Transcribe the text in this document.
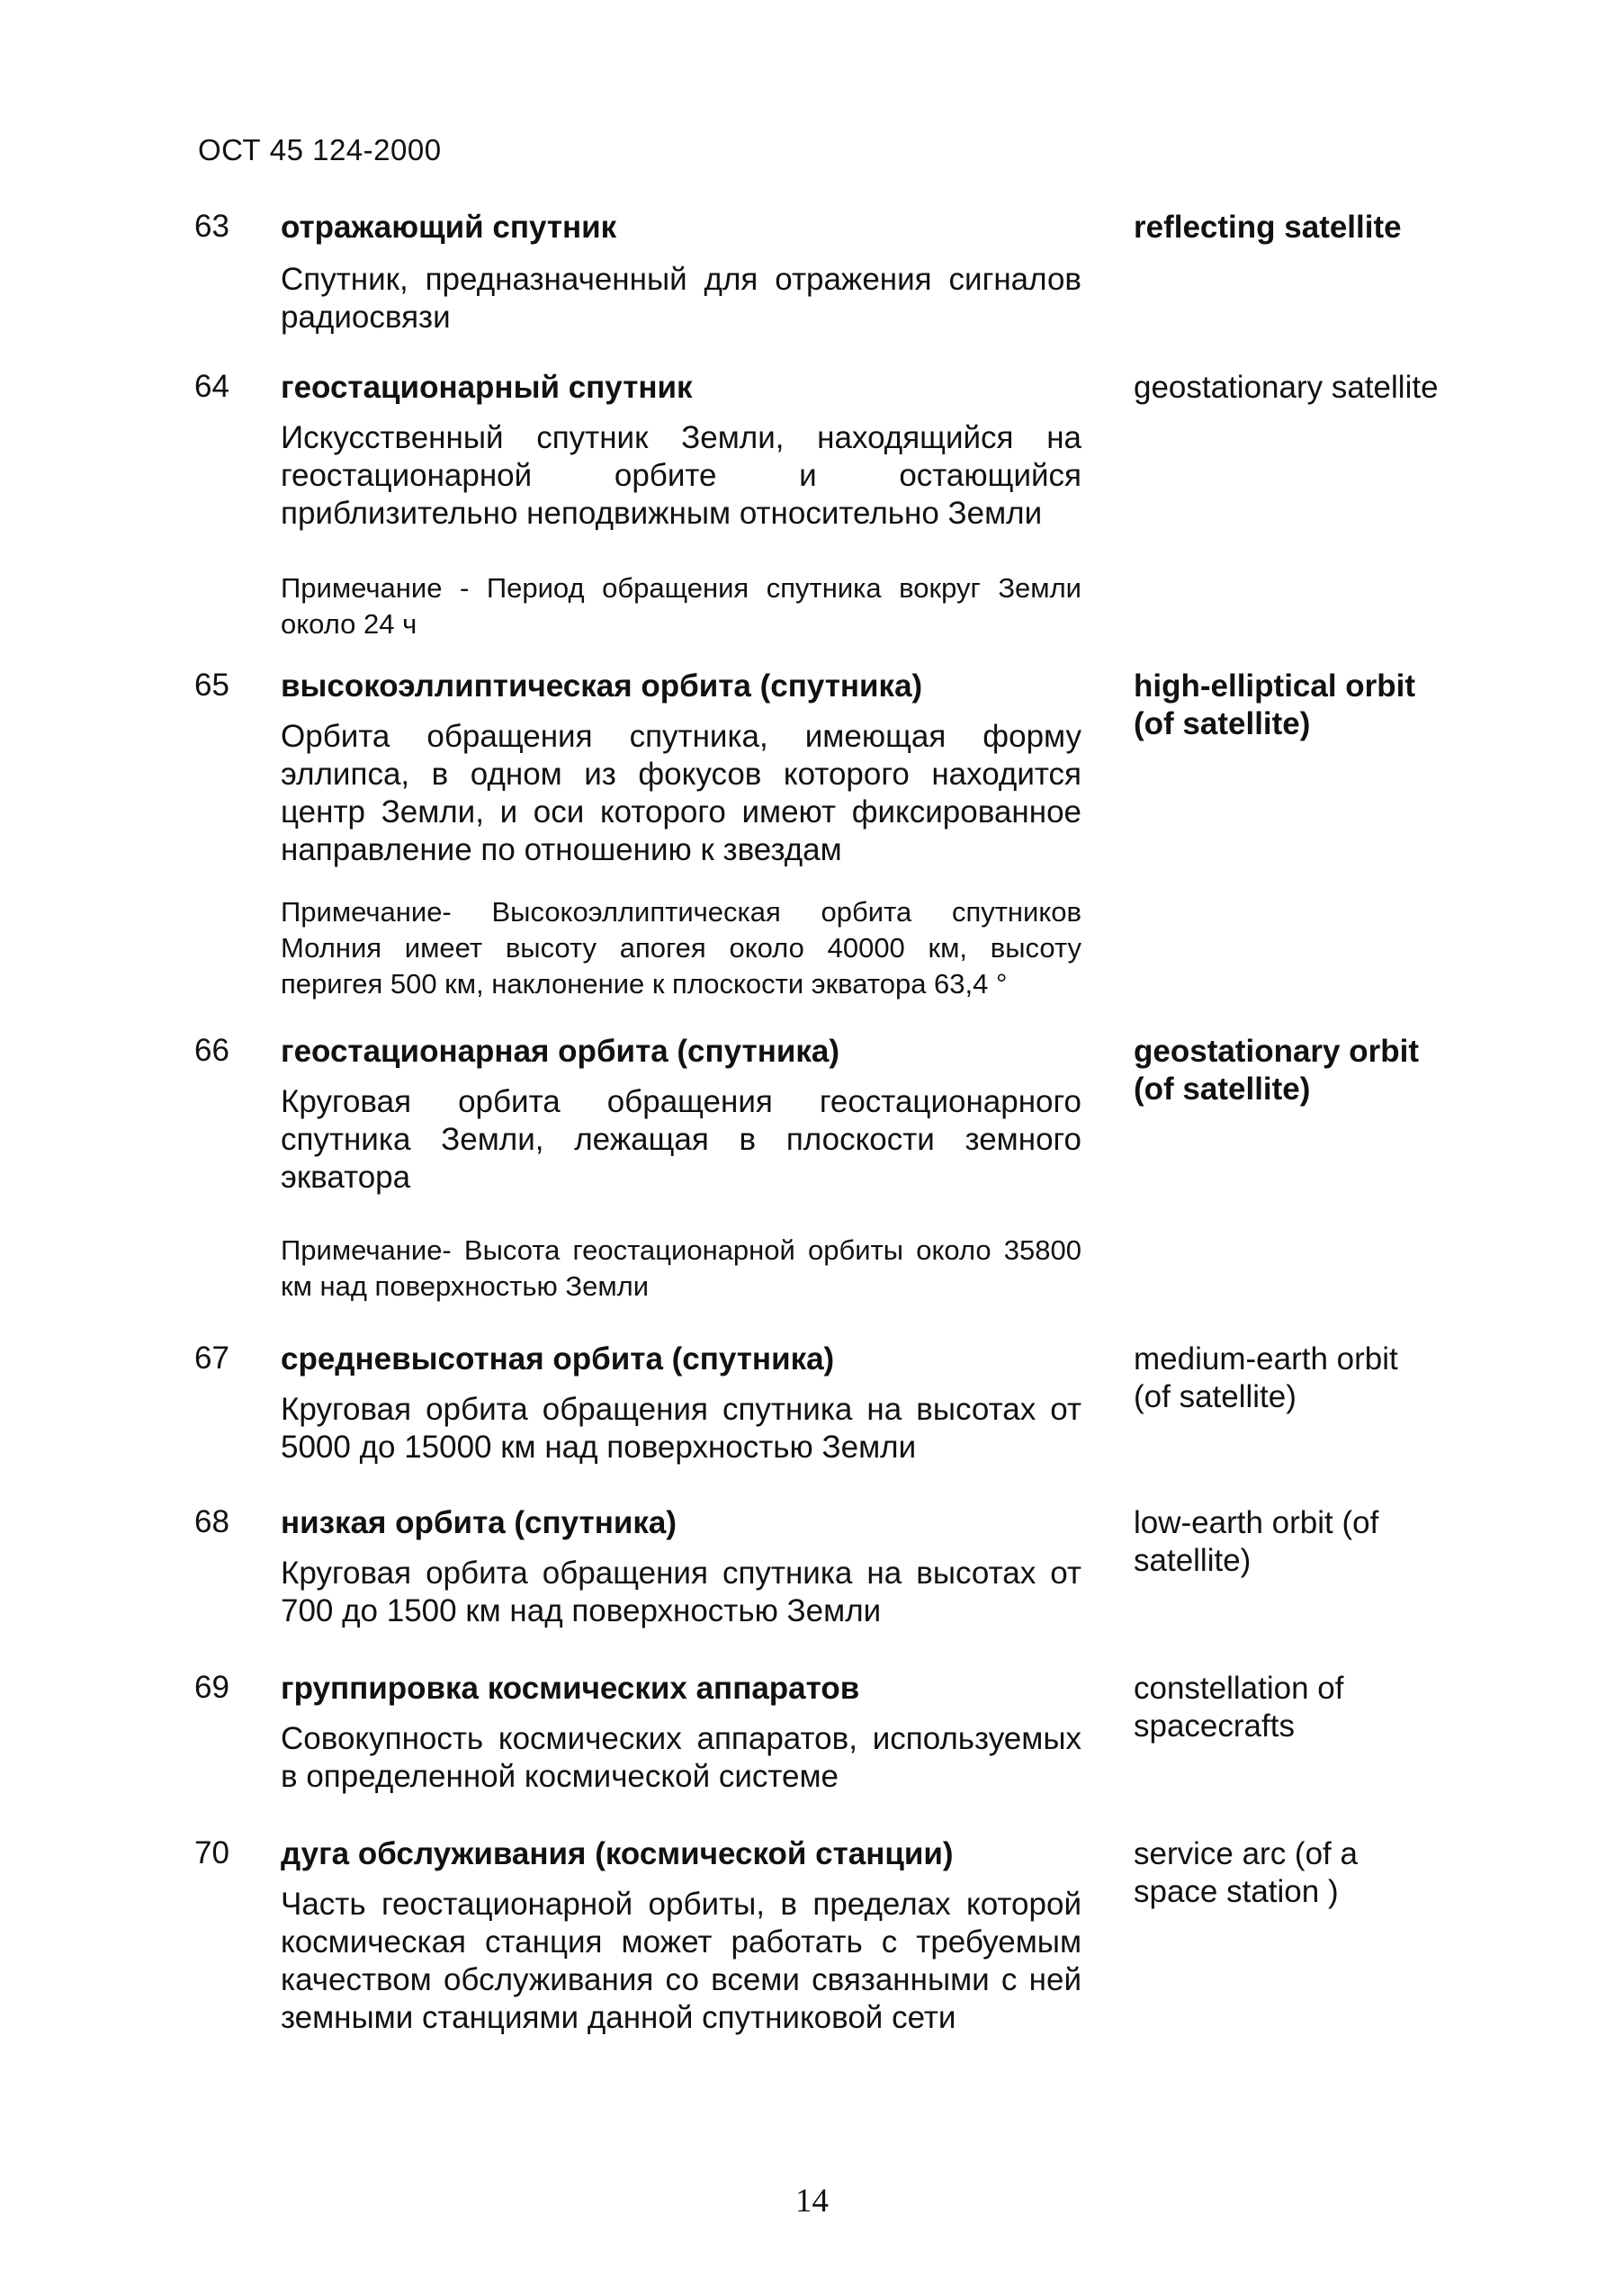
ОСТ 45 124-2000
63	отражающий спутник
Спутник, предназначенный для отражения сигналов радиосвязи
reflecting satellite
64	геостационарный спутник
Искусственный спутник Земли, находящийся на геостационарной орбите и остающийся приблизительно неподвижным относительно Земли
Примечание - Период обращения спутника вокруг Земли около 24 ч
geostationary satellite
65	высокоэллиптическая орбита (спутника)
Орбита обращения спутника, имеющая форму эллипса, в одном из фокусов которого находится центр Земли, и оси которого имеют фиксированное направление по отношению к звездам
Примечание- Высокоэллиптическая орбита спутников Молния имеет высоту апогея около 40000 км, высоту перигея 500 км, наклонение к плоскости экватора 63,4 °
high-elliptical orbit (of satellite)
66	геостационарная орбита (спутника)
Круговая орбита обращения геостационарного спутника Земли, лежащая в плоскости земного экватора
Примечание- Высота геостационарной орбиты около 35800 км над поверхностью Земли
geostationary orbit (of satellite)
67	средневысотная орбита (спутника)
Круговая орбита обращения спутника на высотах от 5000 до 15000 км над поверхностью Земли
medium-earth orbit (of satellite)
68	низкая орбита (спутника)
Круговая орбита обращения спутника на высотах от 700 до 1500 км над поверхностью Земли
low-earth orbit (of satellite)
69	группировка космических аппаратов
Совокупность космических аппаратов, используемых в определенной космической системе
constellation of spacecrafts
70	дуга обслуживания (космической станции)
Часть геостационарной орбиты, в пределах которой космическая станция может работать с требуемым качеством обслуживания со всеми связанными с ней земными станциями данной спутниковой сети
service arc (of a space station )
14
